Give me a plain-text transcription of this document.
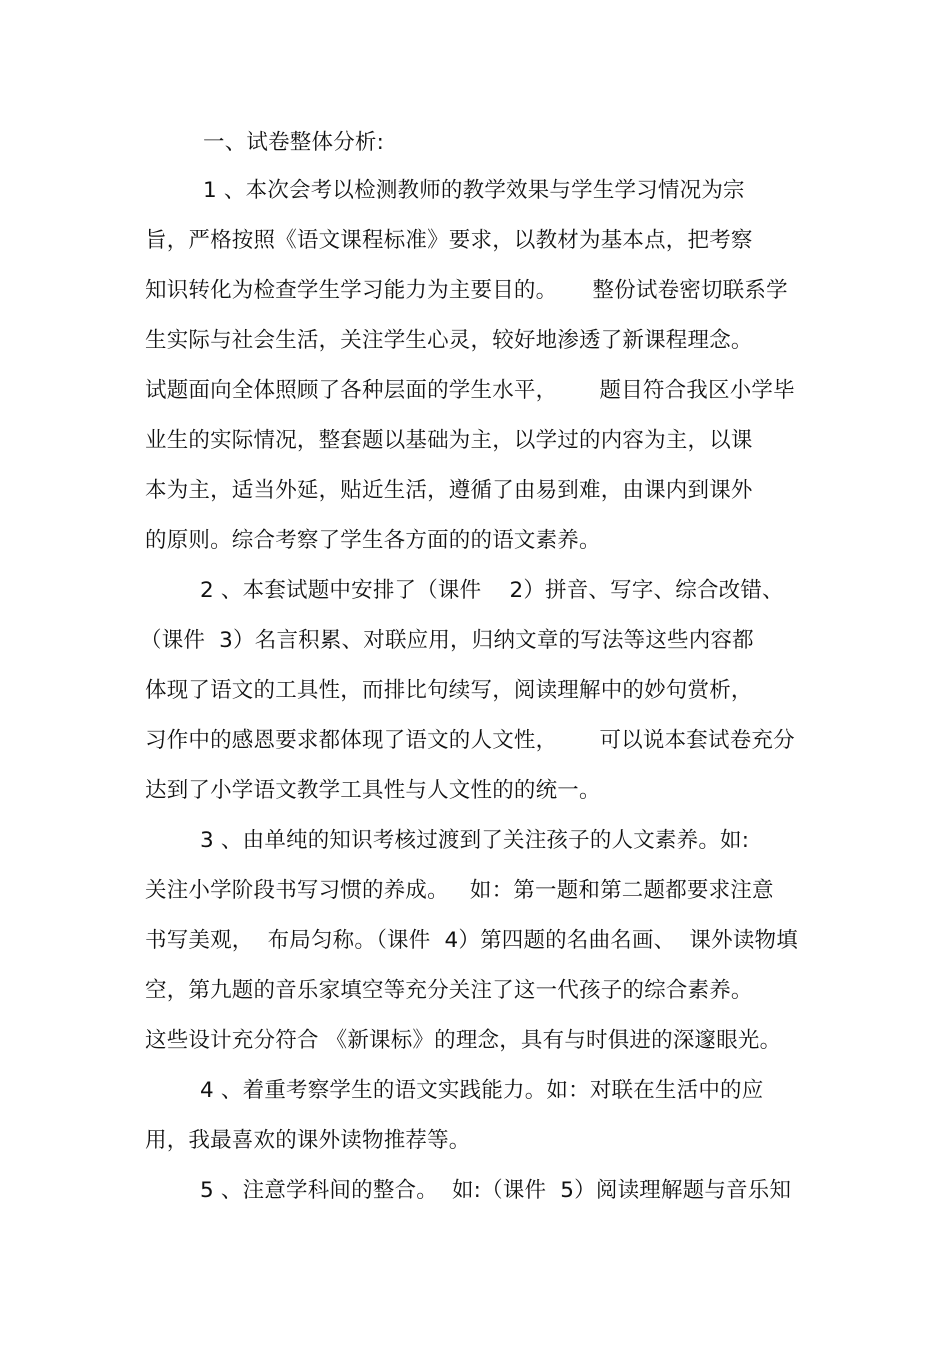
一、试卷整体分析:

1 、本次会考以检测教师的教学效果与学生学习情况为宗

旨，严格按照《语文课程标准》要求，以教材为基本点，把考察

知识转化为检查学生学习能力为主要目的。     整份试卷密切联系学

生实际与社会生活，关注学生心灵，较好地渗透了新课程理念。

试题面向全体照顾了各种层面的学生水平，      题目符合我区小学毕

业生的实际情况，整套题以基础为主，以学过的内容为主，以课

本为主，适当外延，贴近生活，遵循了由易到难，由课内到课外

的原则。综合考察了学生各方面的的语文素养。

2 、本套试题中安排了（课件    2）拼音、写字、综合改错、

（课件  3）名言积累、对联应用，归纳文章的写法等这些内容都

体现了语文的工具性，而排比句续写，阅读理解中的妙句赏析，

习作中的感恩要求都体现了语文的人文性，      可以说本套试卷充分

达到了小学语文教学工具性与人文性的的统一。

3 、由单纯的知识考核过渡到了关注孩子的人文素养。如:

关注小学阶段书写习惯的养成。   如：第一题和第二题都要求注意

书写美观，  布局匀称。（课件  4）第四题的名曲名画、  课外读物填

空，第九题的音乐家填空等充分关注了这一代孩子的综合素养。

这些设计充分符合 《新课标》的理念，具有与时俱进的深邃眼光。

4 、着重考察学生的语文实践能力。如：对联在生活中的应

用，我最喜欢的课外读物推荐等。

5 、注意学科间的整合。  如:（课件  5）阅读理解题与音乐知
